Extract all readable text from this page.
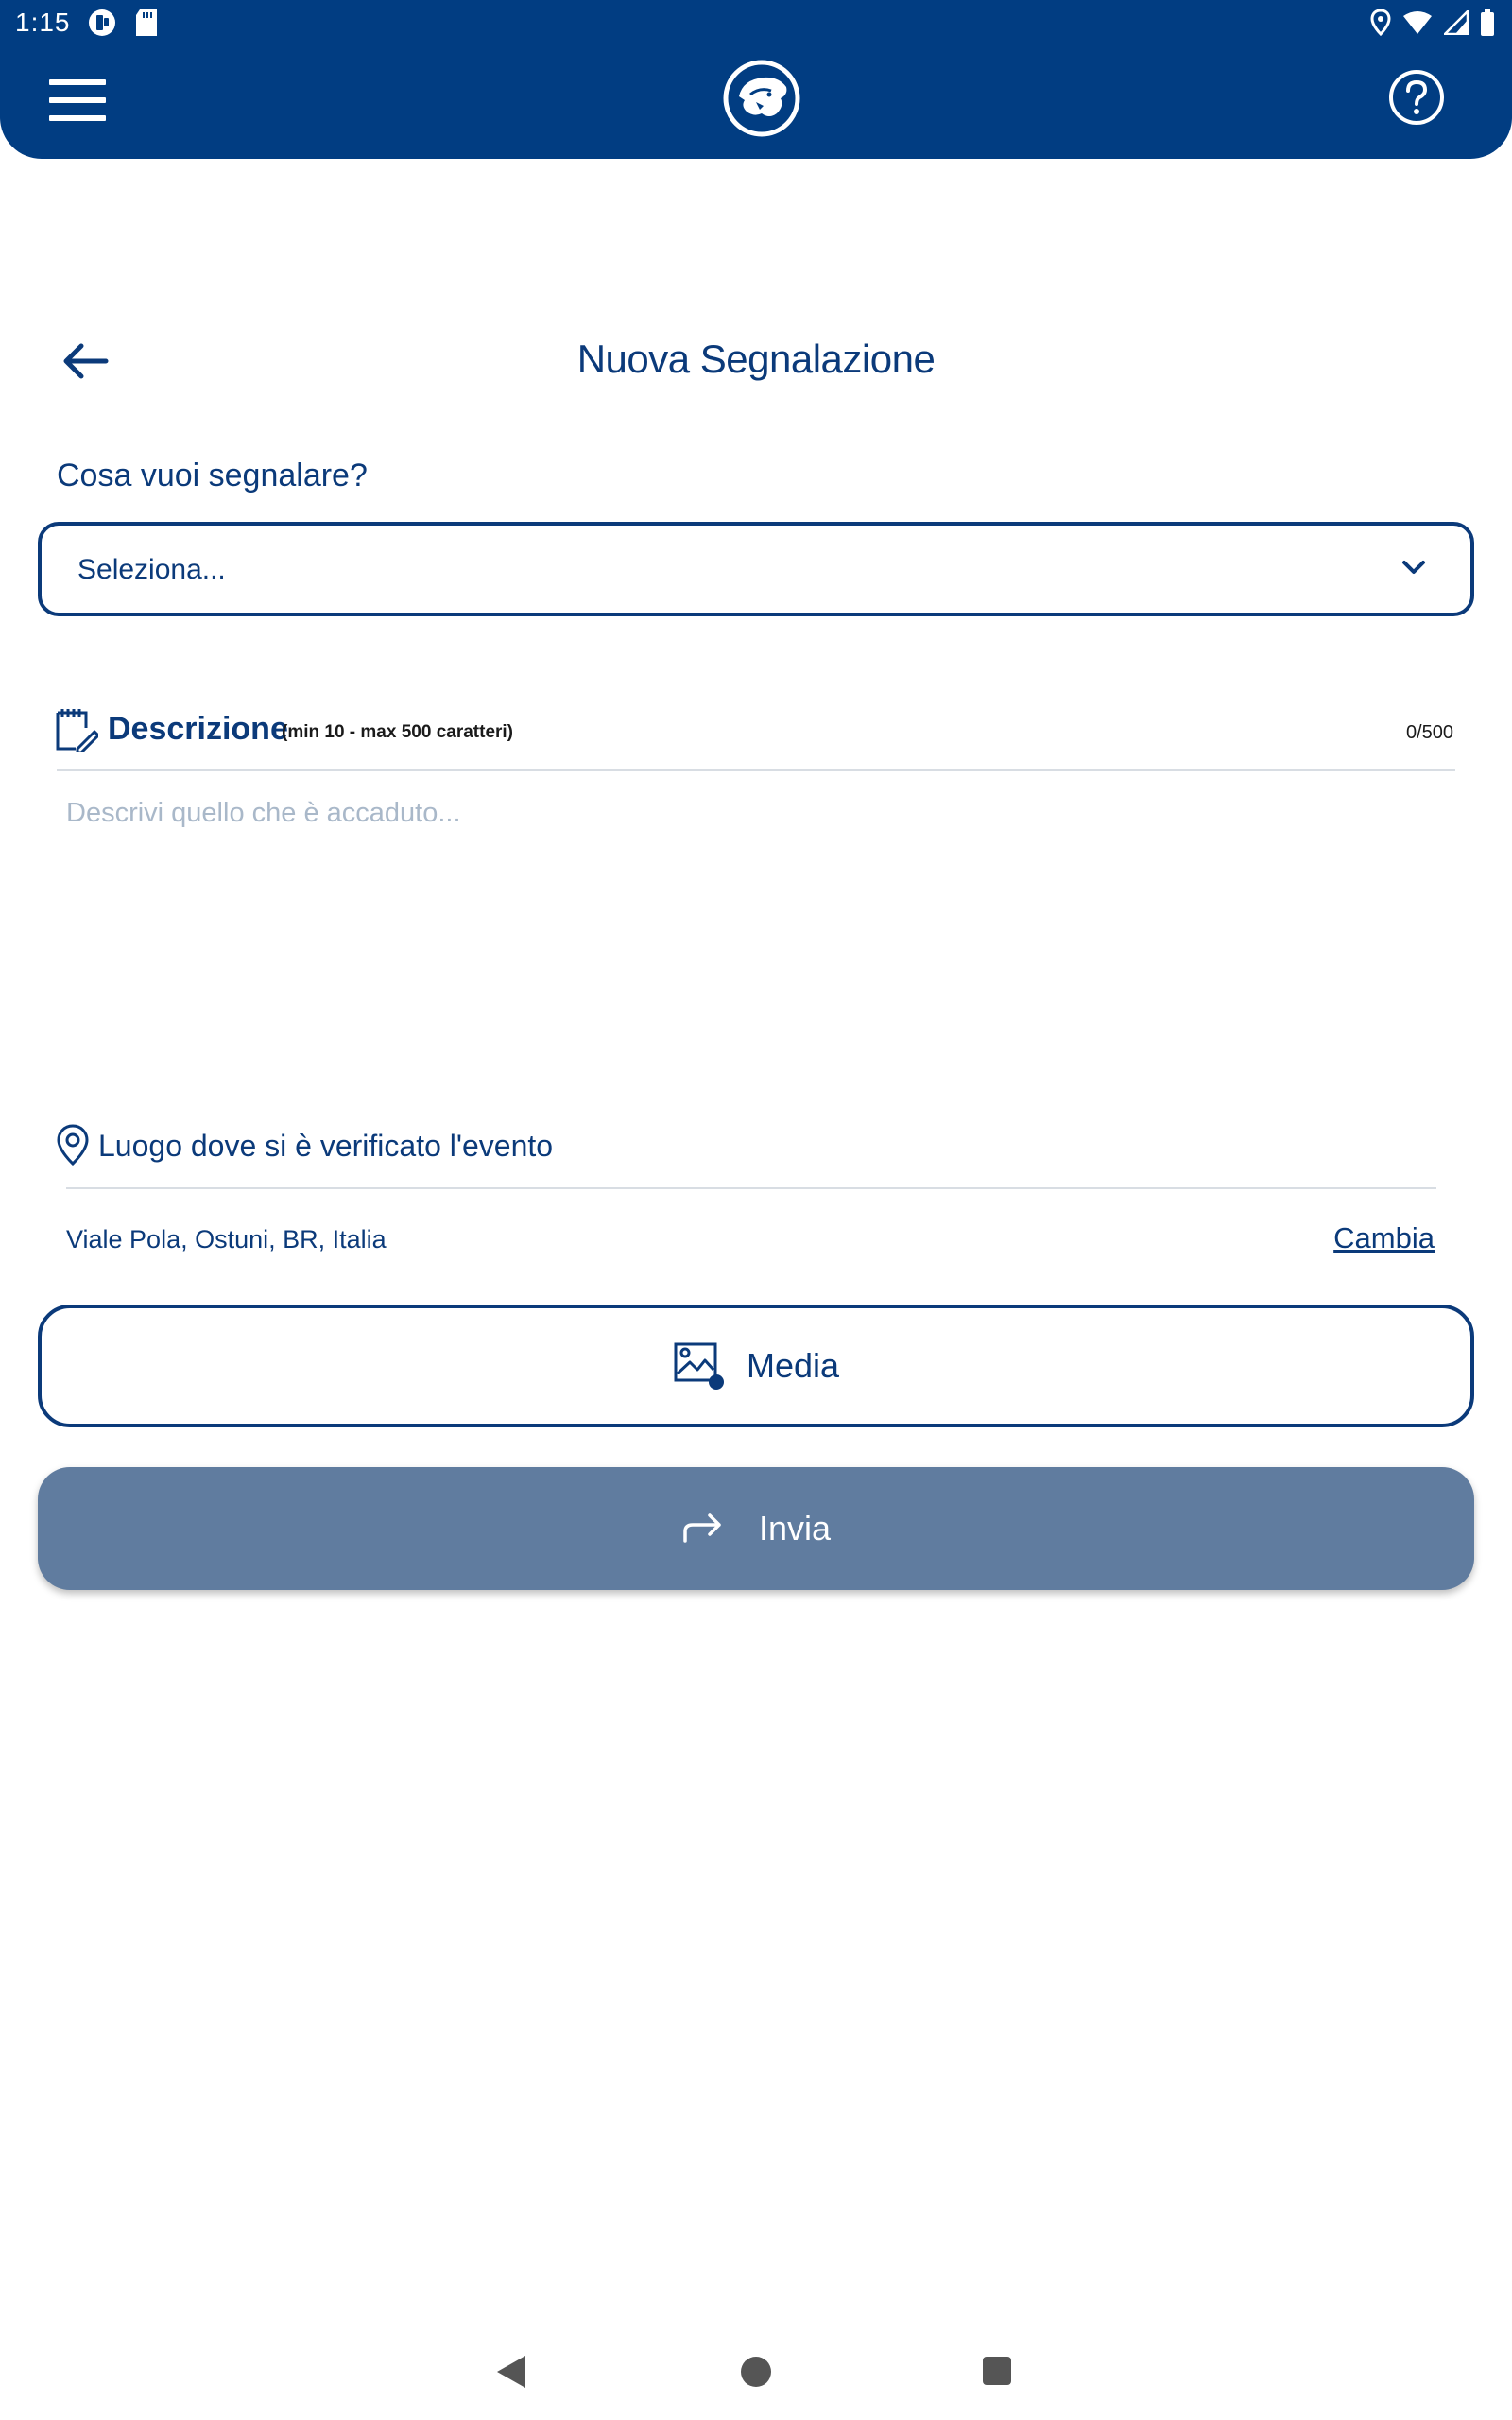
1:15
Nuova Segnalazione
Cosa vuoi segnalare?
Seleziona...
Descrizione
(min 10 - max 500 caratteri)	0/500
Descrivi quello che è accaduto...
Luogo dove si è verificato l'evento
Viale Pola, Ostuni, BR, Italia	Cambia
Media
Invia
